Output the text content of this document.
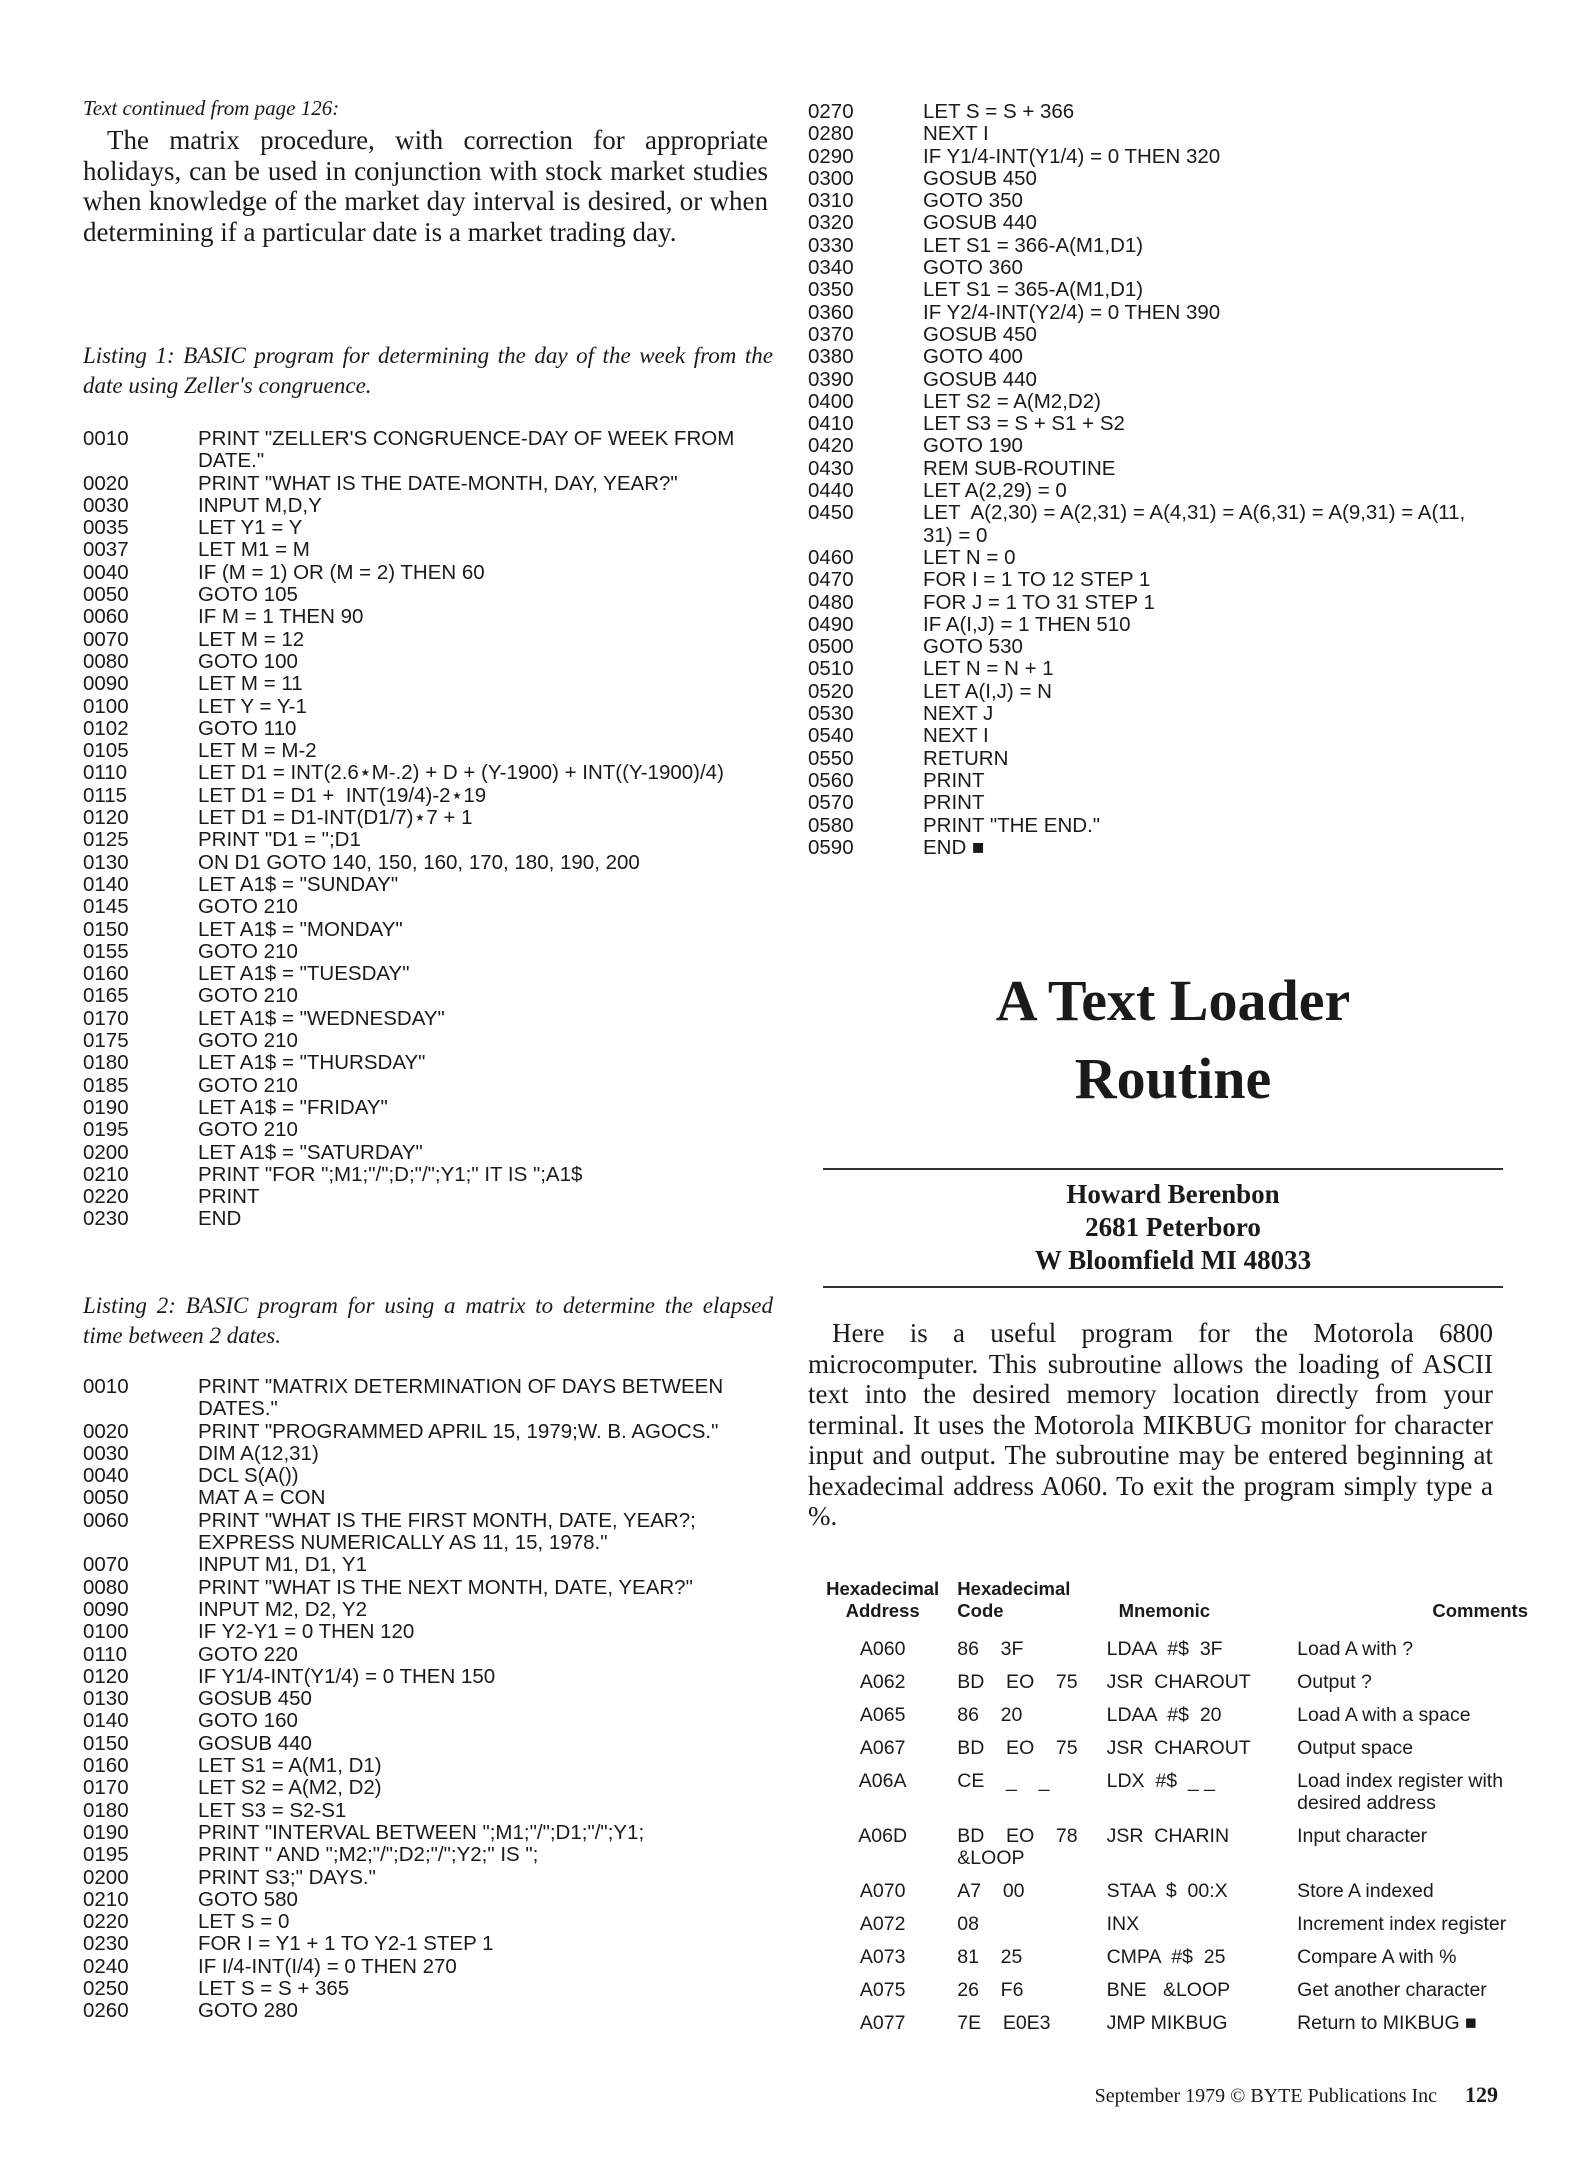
Text continued from page 126:

The matrix procedure, with correction for appropriate holidays, can be used in conjunction with stock market studies when knowledge of the market day interval is desired, or when determining if a particular date is a market trading day.

Listing 1: BASIC program for determining the day of the week from the date using Zeller's congruence.

0010	PRINT "ZELLER'S CONGRUENCE-DAY OF WEEK FROM DATE."
0020	PRINT "WHAT IS THE DATE-MONTH, DAY, YEAR?"
0030	INPUT M,D,Y
0035	LET Y1 = Y
0037	LET M1 = M
0040	IF (M = 1) OR (M = 2) THEN 60
0050	GOTO 105
0060	IF M = 1 THEN 90
0070	LET M = 12
0080	GOTO 100
0090	LET M = 11
0100	LET Y = Y-1
0102	GOTO 110
0105	LET M = M-2
0110	LET D1 = INT(2.6⋆M-.2) + D + (Y-1900) + INT((Y-1900)/4)
0115	LET D1 = D1 +  INT(19/4)-2⋆19
0120	LET D1 = D1-INT(D1/7)⋆7 + 1
0125	PRINT "D1 = ";D1
0130	ON D1 GOTO 140, 150, 160, 170, 180, 190, 200
0140	LET A1$ = "SUNDAY"
0145	GOTO 210
0150	LET A1$ = "MONDAY"
0155	GOTO 210
0160	LET A1$ = "TUESDAY"
0165	GOTO 210
0170	LET A1$ = "WEDNESDAY"
0175	GOTO 210
0180	LET A1$ = "THURSDAY"
0185	GOTO 210
0190	LET A1$ = "FRIDAY"
0195	GOTO 210
0200	LET A1$ = "SATURDAY"
0210	PRINT "FOR ";M1;"/";D;"/";Y1;" IT IS ";A1$
0220	PRINT
0230	END

Listing 2: BASIC program for using a matrix to determine the elapsed time between 2 dates.

0010	PRINT "MATRIX DETERMINATION OF DAYS BETWEEN DATES."
0020	PRINT "PROGRAMMED APRIL 15, 1979;W. B. AGOCS."
0030	DIM A(12,31)
0040	DCL S(A())
0050	MAT A = CON
0060	PRINT "WHAT IS THE FIRST MONTH, DATE, YEAR?; EXPRESS NUMERICALLY AS 11, 15, 1978."
0070	INPUT M1, D1, Y1
0080	PRINT "WHAT IS THE NEXT MONTH, DATE, YEAR?"
0090	INPUT M2, D2, Y2
0100	IF Y2-Y1 = 0 THEN 120
0110	GOTO 220
0120	IF Y1/4-INT(Y1/4) = 0 THEN 150
0130	GOSUB 450
0140	GOTO 160
0150	GOSUB 440
0160	LET S1 = A(M1, D1)
0170	LET S2 = A(M2, D2)
0180	LET S3 = S2-S1
0190	PRINT "INTERVAL BETWEEN ";M1;"/";D1;"/";Y1;
0195	PRINT " AND ";M2;"/";D2;"/";Y2;" IS ";
0200	PRINT S3;" DAYS."
0210	GOTO 580
0220	LET S = 0
0230	FOR I = Y1 + 1 TO Y2-1 STEP 1
0240	IF I/4-INT(I/4) = 0 THEN 270
0250	LET S = S + 365
0260	GOTO 280
0270	LET S = S + 366
0280	NEXT I
0290	IF Y1/4-INT(Y1/4) = 0 THEN 320
0300	GOSUB 450
0310	GOTO 350
0320	GOSUB 440
0330	LET S1 = 366-A(M1,D1)
0340	GOTO 360
0350	LET S1 = 365-A(M1,D1)
0360	IF Y2/4-INT(Y2/4) = 0 THEN 390
0370	GOSUB 450
0380	GOTO 400
0390	GOSUB 440
0400	LET S2 = A(M2,D2)
0410	LET S3 = S + S1 + S2
0420	GOTO 190
0430	REM SUB-ROUTINE
0440	LET A(2,29) = 0
0450	LET  A(2,30) = A(2,31) = A(4,31) = A(6,31) = A(9,31) = A(11, 31) = 0
0460	LET N = 0
0470	FOR I = 1 TO 12 STEP 1
0480	FOR J = 1 TO 31 STEP 1
0490	IF A(I,J) = 1 THEN 510
0500	GOTO 530
0510	LET N = N + 1
0520	LET A(I,J) = N
0530	NEXT J
0540	NEXT I
0550	RETURN
0560	PRINT
0570	PRINT
0580	PRINT "THE END."
0590	END ■
A Text Loader
Routine
Howard Berenbon
2681 Peterboro
W Bloomfield MI 48033

Here is a useful program for the Motorola 6800 microcomputer. This subroutine allows the loading of ASCII text into the desired memory location directly from your terminal. It uses the Motorola MIKBUG monitor for character input and output. The subroutine may be entered beginning at hexadecimal address A060. To exit the program simply type a %.

Hexadecimal Address	Hexadecimal Code	Mnemonic	Comments
A060	86    3F	LDAA  #$  3F	Load A with ?
A062	BD    EO    75	JSR  CHAROUT	Output ?
A065	86    20	LDAA  #$  20	Load A with a space
A067	BD    EO    75	JSR  CHAROUT	Output space
A06A	CE    _    _	LDX  #$  _ _	Load index register with desired address
A06D	BD    EO    78 &LOOP	JSR  CHARIN	Input character
A070	A7    00	STAA  $  00:X	Store A indexed
A072	08	INX	Increment index register
A073	81    25	CMPA  #$  25	Compare A with %
A075	26    F6	BNE   &LOOP	Get another character
A077	7E    E0E3	JMP MIKBUG	Return to MIKBUG ■
September 1979 © BYTE Publications Inc 129
